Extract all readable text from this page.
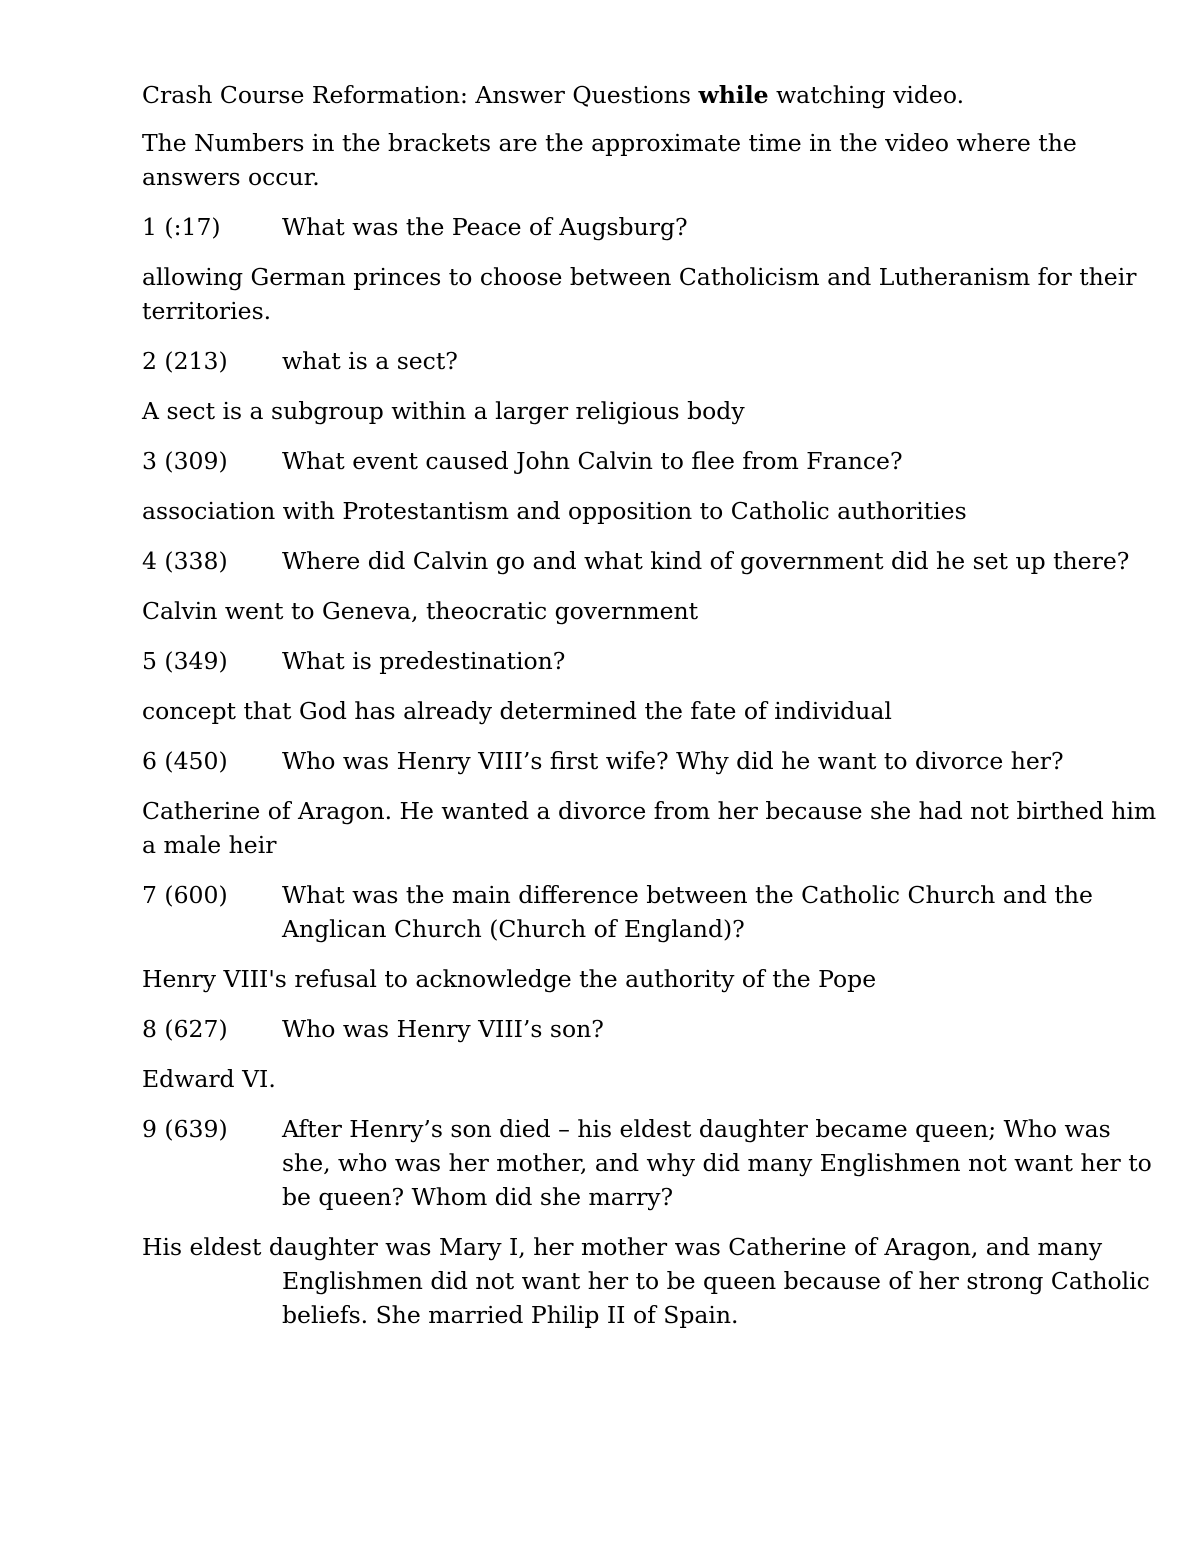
Crash Course Reformation: Answer Questions while watching video.

The Numbers in the brackets are the approximate time in the video where the answers occur.

1 (:17)	What was the Peace of Augsburg?

allowing German princes to choose between Catholicism and Lutheranism for their territories.

2 (213)	what is a sect?

A sect is a subgroup within a larger religious body

3 (309)	What event caused John Calvin to flee from France?

association with Protestantism and opposition to Catholic authorities

4 (338)	Where did Calvin go and what kind of government did he set up there?

Calvin went to Geneva, theocratic government

5 (349)	What is predestination?

concept that God has already determined the fate of individual

6 (450)	Who was Henry VIII’s first wife? Why did he want to divorce her?

Catherine of Aragon. He wanted a divorce from her because she had not birthed him a male heir

7 (600)	What was the main difference between the Catholic Church and the Anglican Church (Church of England)?

Henry VIII's refusal to acknowledge the authority of the Pope

8 (627)	Who was Henry VIII’s son?

Edward VI.

9 (639)	After Henry’s son died – his eldest daughter became queen; Who was she, who was her mother, and why did many Englishmen not want her to be queen? Whom did she marry?

His eldest daughter was Mary I, her mother was Catherine of Aragon, and many Englishmen did not want her to be queen because of her strong Catholic beliefs. She married Philip II of Spain.
